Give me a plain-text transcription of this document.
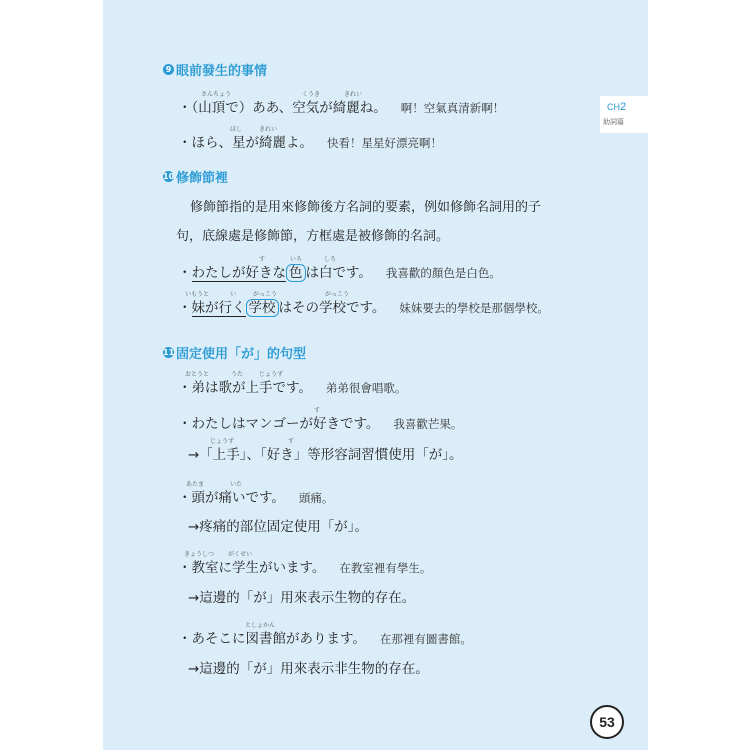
CH2
助詞篇
9 眼前發生的事情
さんちょう	くうき	きれい
・（山頂で）ああ、空気が綺麗ね。 啊！空氣真清新啊！
ほし	きれい
・ほら、星が綺麗よ。 快看！星星好漂亮啊！
10 修飾節裡
修飾節指的是用來修飾後方名詞的要素，例如修飾名詞用的子
句，底線處是修飾節，方框處是被修飾的名詞。
す	いろ	しろ
・わたしが好きな 色 は白です。 我喜歡的顏色是白色。
いもうと	い	がっこう	がっこう
・妹が行く 学校 はその学校です。 妹妹要去的學校是那個學校。
11 固定使用「が」的句型
おとうと	うた	じょうず
・弟は歌が上手です。 弟弟很會唱歌。
す
・わたしはマンゴーが好きです。 我喜歡芒果。
じょうず	す
→「上手」、「好き」等形容詞習慣使用「が」。
あたま	いた
・頭が痛いです。 頭痛。
→疼痛的部位固定使用「が」。
きょうしつ がくせい
・教室に学生がいます。 在教室裡有學生。
→這邊的「が」用來表示生物的存在。
としょかん
・あそこに図書館があります。 在那裡有圖書館。
→這邊的「が」用來表示非生物的存在。
53
